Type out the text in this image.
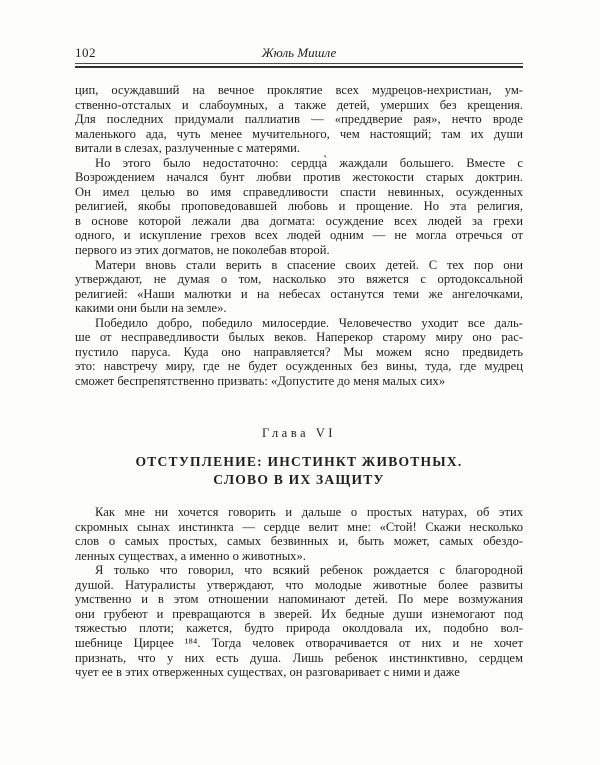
102	Жюль Мишле

цип, осуждавший на вечное проклятие всех мудрецов-нехристиан, ум-
ственно-отсталых и слабоумных, а также детей, умерших без крещения.
Для последних придумали паллиатив — «преддверие рая», нечто вроде
маленького ада, чуть менее мучительного, чем настоящий; там их души
витали в слезах, разлученные с матерями.

Но этого было недостаточно: сердца̀ жаждали большего. Вместе с
Возрождением начался бунт любви против жестокости старых доктрин.
Он имел целью во имя справедливости спасти невинных, осужденных
религией, якобы проповедовавшей любовь и прощение. Но эта религия,
в основе которой лежали два догмата: осуждение всех людей за грехи
одного, и искупление грехов всех людей одним — не могла отречься от
первого из этих догматов, не поколебав второй.

Матери вновь стали верить в спасение своих детей. С тех пор они
утверждают, не думая о том, насколько это вяжется с ортодоксальной
религией: «Наши малютки и на небесах останутся теми же ангелочками,
какими они были на земле».

Победило добро, победило милосердие. Человечество уходит все даль-
ше от несправедливости былых веков. Наперекор старому миру оно рас-
пустило паруса. Куда оно направляется? Мы можем ясно предвидеть
это: навстречу миру, где не будет осужденных без вины, туда, где мудрец
сможет беспрепятственно призвать: «Допустите до меня малых сих»

Глава VI
ОТСТУПЛЕНИЕ: ИНСТИНКТ ЖИВОТНЫХ.
СЛОВО В ИХ ЗАЩИТУ

Как мне ни хочется говорить и дальше о простых натурах, об этих
скромных сынах инстинкта — сердце велит мне: «Стой! Скажи несколько
слов о самых простых, самых безвинных и, быть может, самых обездо-
ленных существах, а именно о животных».

Я только что говорил, что всякий ребенок рождается с благородной
душой. Натуралисты утверждают, что молодые животные более развиты
умственно и в этом отношении напоминают детей. По мере возмужания
они грубеют и превращаются в зверей. Их бедные души изнемогают под
тяжестью плоти; кажется, будто природа околдовала их, подобно вол-
шебнице Цирцее ¹⁸⁴. Тогда человек отворачивается от них и не хочет
признать, что у них есть душа. Лишь ребенок инстинктивно, сердцем
чует ее в этих отверженных существах, он разговаривает с ними и даже
